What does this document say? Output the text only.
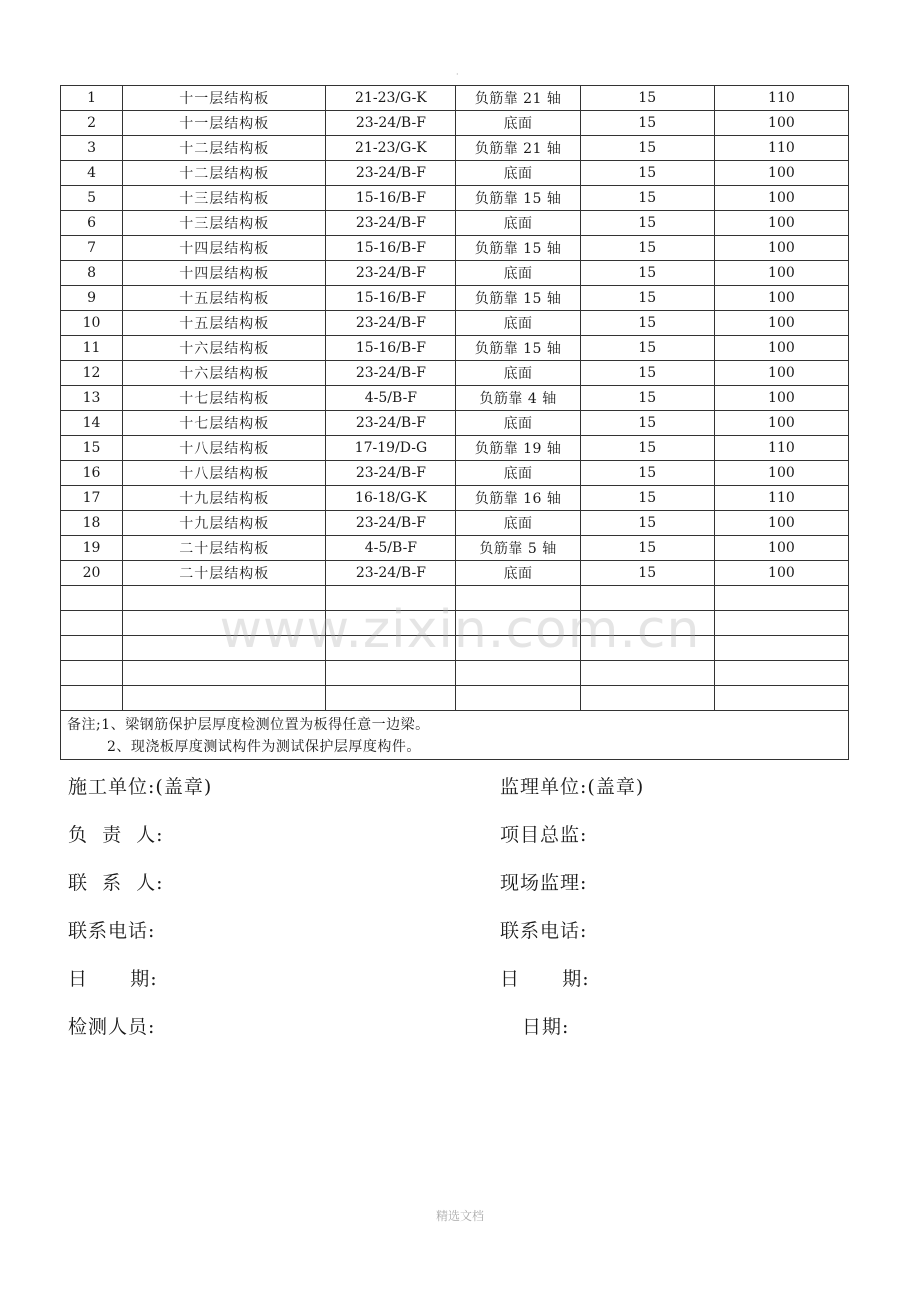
·
1	十一层结构板	21-23/G-K	负筋靠 21 轴	15	110
2	十一层结构板	23-24/B-F	底面	15	100
3	十二层结构板	21-23/G-K	负筋靠 21 轴	15	110
4	十二层结构板	23-24/B-F	底面	15	100
5	十三层结构板	15-16/B-F	负筋靠 15 轴	15	100
6	十三层结构板	23-24/B-F	底面	15	100
7	十四层结构板	15-16/B-F	负筋靠 15 轴	15	100
8	十四层结构板	23-24/B-F	底面	15	100
9	十五层结构板	15-16/B-F	负筋靠 15 轴	15	100
10	十五层结构板	23-24/B-F	底面	15	100
11	十六层结构板	15-16/B-F	负筋靠 15 轴	15	100
12	十六层结构板	23-24/B-F	底面	15	100
13	十七层结构板	4-5/B-F	负筋靠 4 轴	15	100
14	十七层结构板	23-24/B-F	底面	15	100
15	十八层结构板	17-19/D-G	负筋靠 19 轴	15	110
16	十八层结构板	23-24/B-F	底面	15	100
17	十九层结构板	16-18/G-K	负筋靠 16 轴	15	110
18	十九层结构板	23-24/B-F	底面	15	100
19	二十层结构板	4-5/B-F	负筋靠 5 轴	15	100
20	二十层结构板	23-24/B-F	底面	15	100

备注;1、梁钢筋保护层厚度检测位置为板得任意一边梁。
2、现浇板厚度测试构件为测试保护层厚度构件。					
www.zixin.com.cn
施工单位:(盖章)
负  责  人:
联  系  人:
联系电话:
日      期:
检测人员:
监理单位:(盖章)
项目总监:
现场监理:
联系电话:
日      期:
日期:
精选文档
